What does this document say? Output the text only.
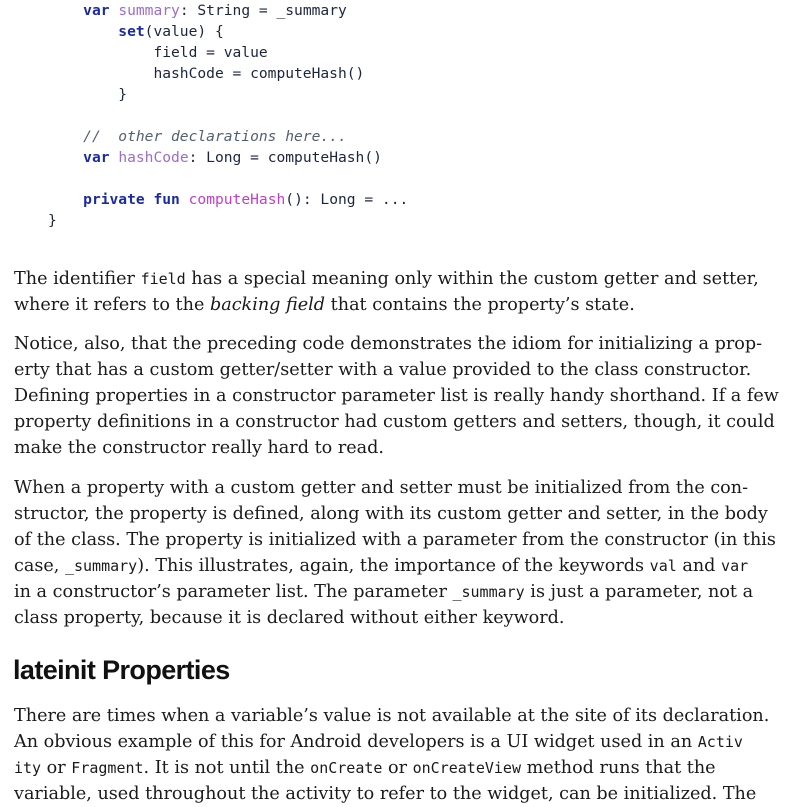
var summary: String = _summary
set(value) {
field = value
hashCode = computeHash()
}
//  other declarations here...
var hashCode: Long = computeHash()
private fun computeHash(): Long = ...
}
The identifier field has a special meaning only within the custom getter and setter,
where it refers to the backing field that contains the property’s state.
Notice, also, that the preceding code demonstrates the idiom for initializing a prop-
erty that has a custom getter/setter with a value provided to the class constructor.
Defining properties in a constructor parameter list is really handy shorthand. If a few
property definitions in a constructor had custom getters and setters, though, it could
make the constructor really hard to read.
When a property with a custom getter and setter must be initialized from the con-
structor, the property is defined, along with its custom getter and setter, in the body
of the class. The property is initialized with a parameter from the constructor (in this
case, _summary). This illustrates, again, the importance of the keywords val and var
in a constructor’s parameter list. The parameter _summary is just a parameter, not a
class property, because it is declared without either keyword.
lateinit Properties
There are times when a variable’s value is not available at the site of its declaration.
An obvious example of this for Android developers is a UI widget used in an Activ
ity or Fragment. It is not until the onCreate or onCreateView method runs that the
variable, used throughout the activity to refer to the widget, can be initialized. The
